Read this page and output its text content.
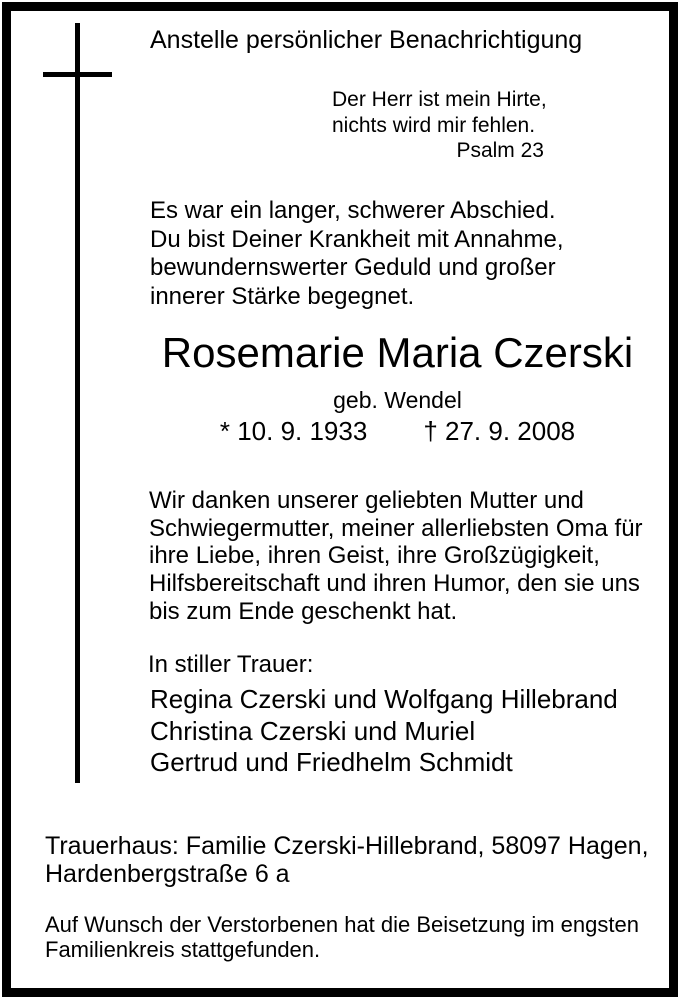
Anstelle persönlicher Benachrichtigung
Der Herr ist mein Hirte,
nichts wird mir fehlen.
Psalm 23
Es war ein langer, schwerer Abschied.
Du bist Deiner Krankheit mit Annahme,
bewundernswerter Geduld und großer
innerer Stärke begegnet.
Rosemarie Maria Czerski
geb. Wendel
* 10. 9. 1933 † 27. 9. 2008
Wir danken unserer geliebten Mutter und
Schwiegermutter, meiner allerliebsten Oma für
ihre Liebe, ihren Geist, ihre Großzügigkeit,
Hilfsbereitschaft und ihren Humor, den sie uns
bis zum Ende geschenkt hat.
In stiller Trauer:
Regina Czerski und Wolfgang Hillebrand
Christina Czerski und Muriel
Gertrud und Friedhelm Schmidt
Trauerhaus: Familie Czerski-Hillebrand, 58097 Hagen,
Hardenbergstraße 6 a
Auf Wunsch der Verstorbenen hat die Beisetzung im engsten
Familienkreis stattgefunden.
